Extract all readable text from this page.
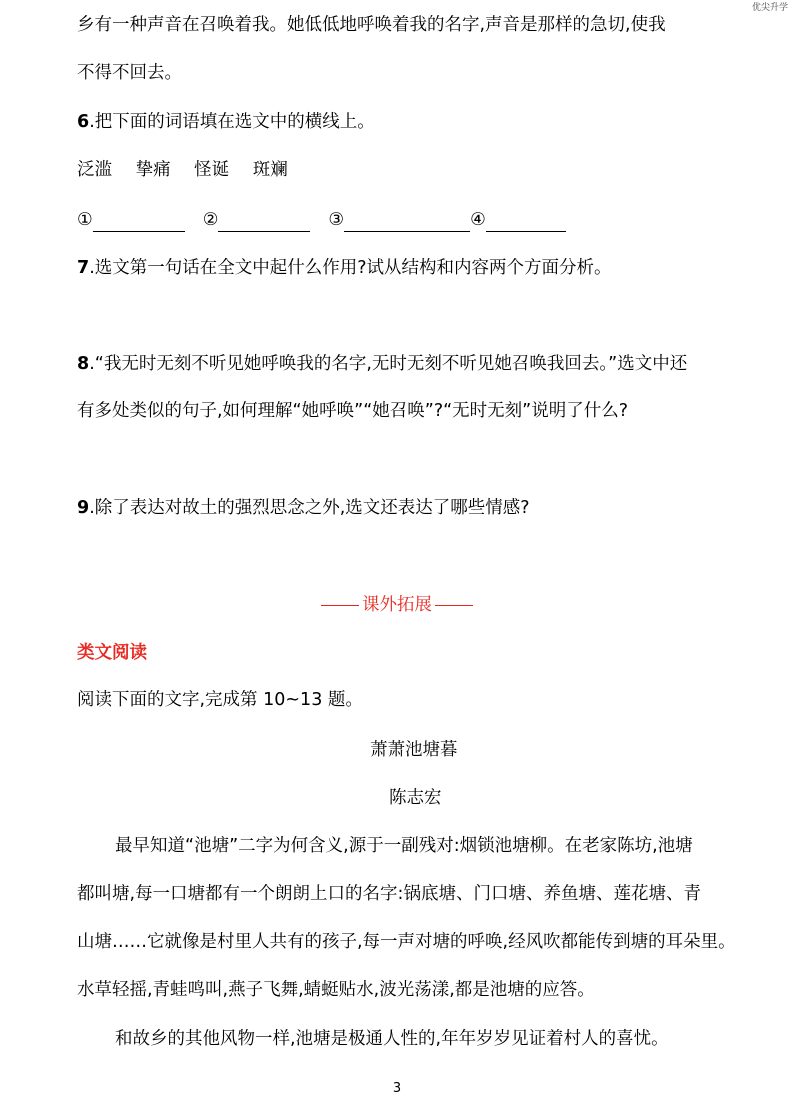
优尖升学
乡有一种声音在召唤着我。她低低地呼唤着我的名字,声音是那样的急切,使我
不得不回去。
6.把下面的词语填在选文中的横线上。
泛滥 挚痛 怪诞 斑斓
①	②	③	④
7.选文第一句话在全文中起什么作用?试从结构和内容两个方面分析。
8.“我无时无刻不听见她呼唤我的名字,无时无刻不听见她召唤我回去。”选文中还
有多处类似的句子,如何理解“她呼唤”“她召唤”?“无时无刻”说明了什么?
9.除了表达对故土的强烈思念之外,选文还表达了哪些情感?
课外拓展
类文阅读
阅读下面的文字,完成第 10~13 题。
萧萧池塘暮
陈志宏
最早知道“池塘”二字为何含义,源于一副残对:烟锁池塘柳。在老家陈坊,池塘
都叫塘,每一口塘都有一个朗朗上口的名字:锅底塘、门口塘、养鱼塘、莲花塘、青
山塘……它就像是村里人共有的孩子,每一声对塘的呼唤,经风吹都能传到塘的耳朵里。
水草轻摇,青蛙鸣叫,燕子飞舞,蜻蜓贴水,波光荡漾,都是池塘的应答。
和故乡的其他风物一样,池塘是极通人性的,年年岁岁见证着村人的喜忧。
3
